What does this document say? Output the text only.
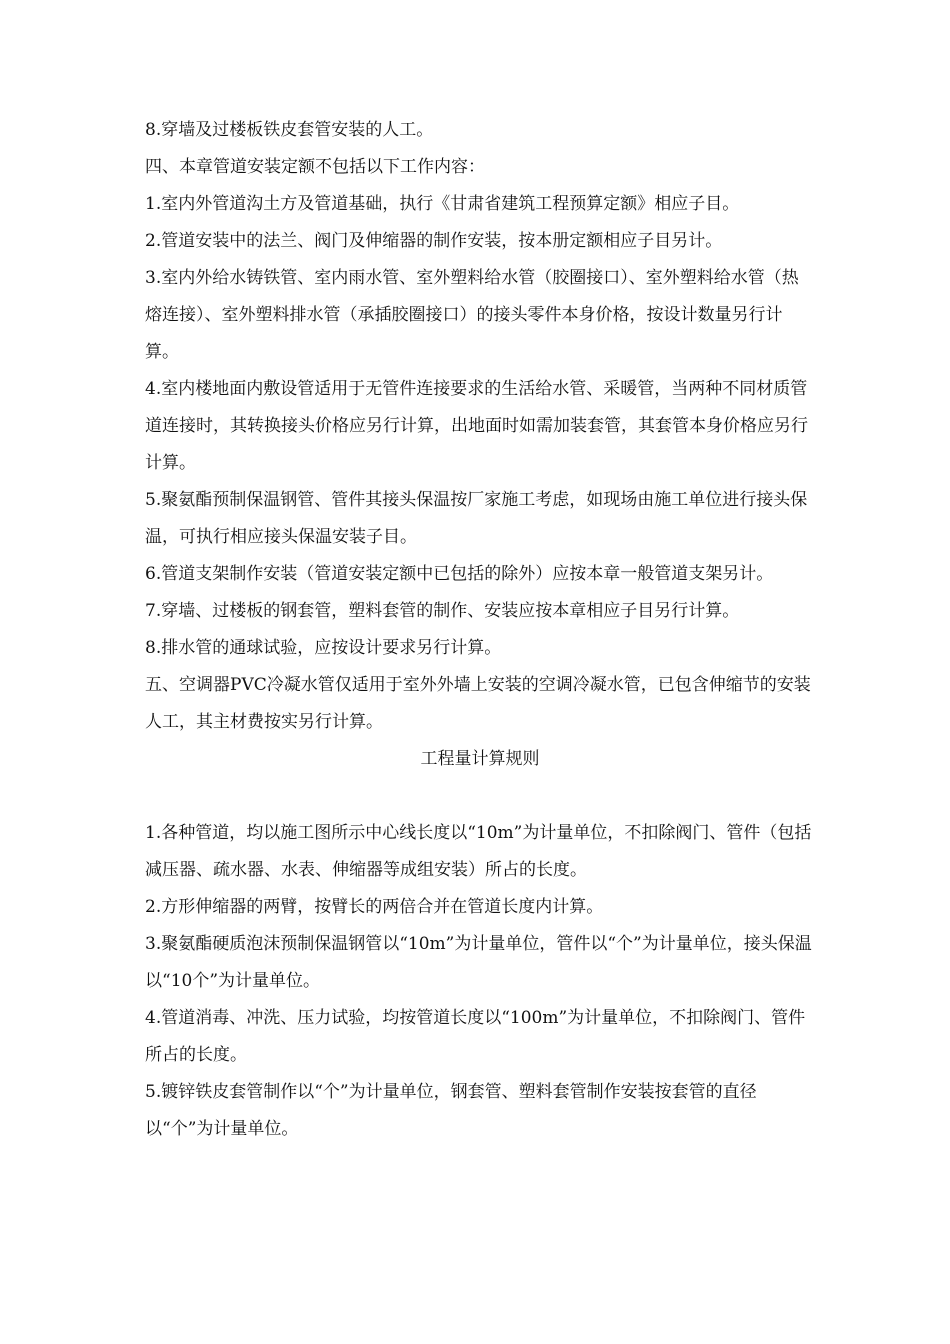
8.穿墙及过楼板铁皮套管安装的人工。

四、本章管道安装定额不包括以下工作内容：

1.室内外管道沟土方及管道基础，执行《甘肃省建筑工程预算定额》相应子目。

2.管道安装中的法兰、阀门及伸缩器的制作安装，按本册定额相应子目另计。

3.室内外给水铸铁管、室内雨水管、室外塑料给水管（胶圈接口）、室外塑料给水管（热熔连接）、室外塑料排水管（承插胶圈接口）的接头零件本身价格，按设计数量另行计算。

4.室内楼地面内敷设管适用于无管件连接要求的生活给水管、采暖管，当两种不同材质管道连接时，其转换接头价格应另行计算，出地面时如需加装套管，其套管本身价格应另行计算。

5.聚氨酯预制保温钢管、管件其接头保温按厂家施工考虑，如现场由施工单位进行接头保温，可执行相应接头保温安装子目。

6.管道支架制作安装（管道安装定额中已包括的除外）应按本章一般管道支架另计。

7.穿墙、过楼板的钢套管，塑料套管的制作、安装应按本章相应子目另行计算。

8.排水管的通球试验，应按设计要求另行计算。

五、空调器PVC冷凝水管仅适用于室外外墙上安装的空调冷凝水管，已包含伸缩节的安装人工，其主材费按实另行计算。

工程量计算规则

1.各种管道，均以施工图所示中心线长度以“10m”为计量单位，不扣除阀门、管件（包括减压器、疏水器、水表、伸缩器等成组安装）所占的长度。

2.方形伸缩器的两臂，按臂长的两倍合并在管道长度内计算。

3.聚氨酯硬质泡沫预制保温钢管以“10m”为计量单位，管件以“个”为计量单位，接头保温以“10个”为计量单位。

4.管道消毒、冲洗、压力试验，均按管道长度以“100m”为计量单位，不扣除阀门、管件所占的长度。

5.镀锌铁皮套管制作以“个”为计量单位，钢套管、塑料套管制作安装按套管的直径以“个”为计量单位。
